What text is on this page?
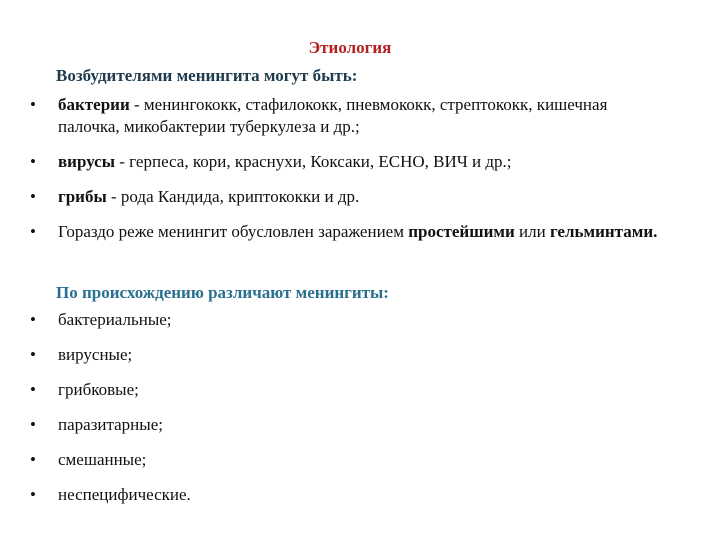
Этиология
Возбудителями менингита могут быть:
• бактерии - менингококк, стафилококк, пневмококк, стрептококк, кишечная палочка, микобактерии туберкулеза и др.;
• вирусы - герпеса, кори, краснухи, Коксаки, ЕСНО, ВИЧ и др.;
• грибы - рода Кандида, криптококки и др.
• Гораздо реже менингит обусловлен заражением простейшими или гельминтами.
По происхождению различают менингиты:
• бактериальные;
• вирусные;
• грибковые;
• паразитарные;
• смешанные;
• неспецифические.
